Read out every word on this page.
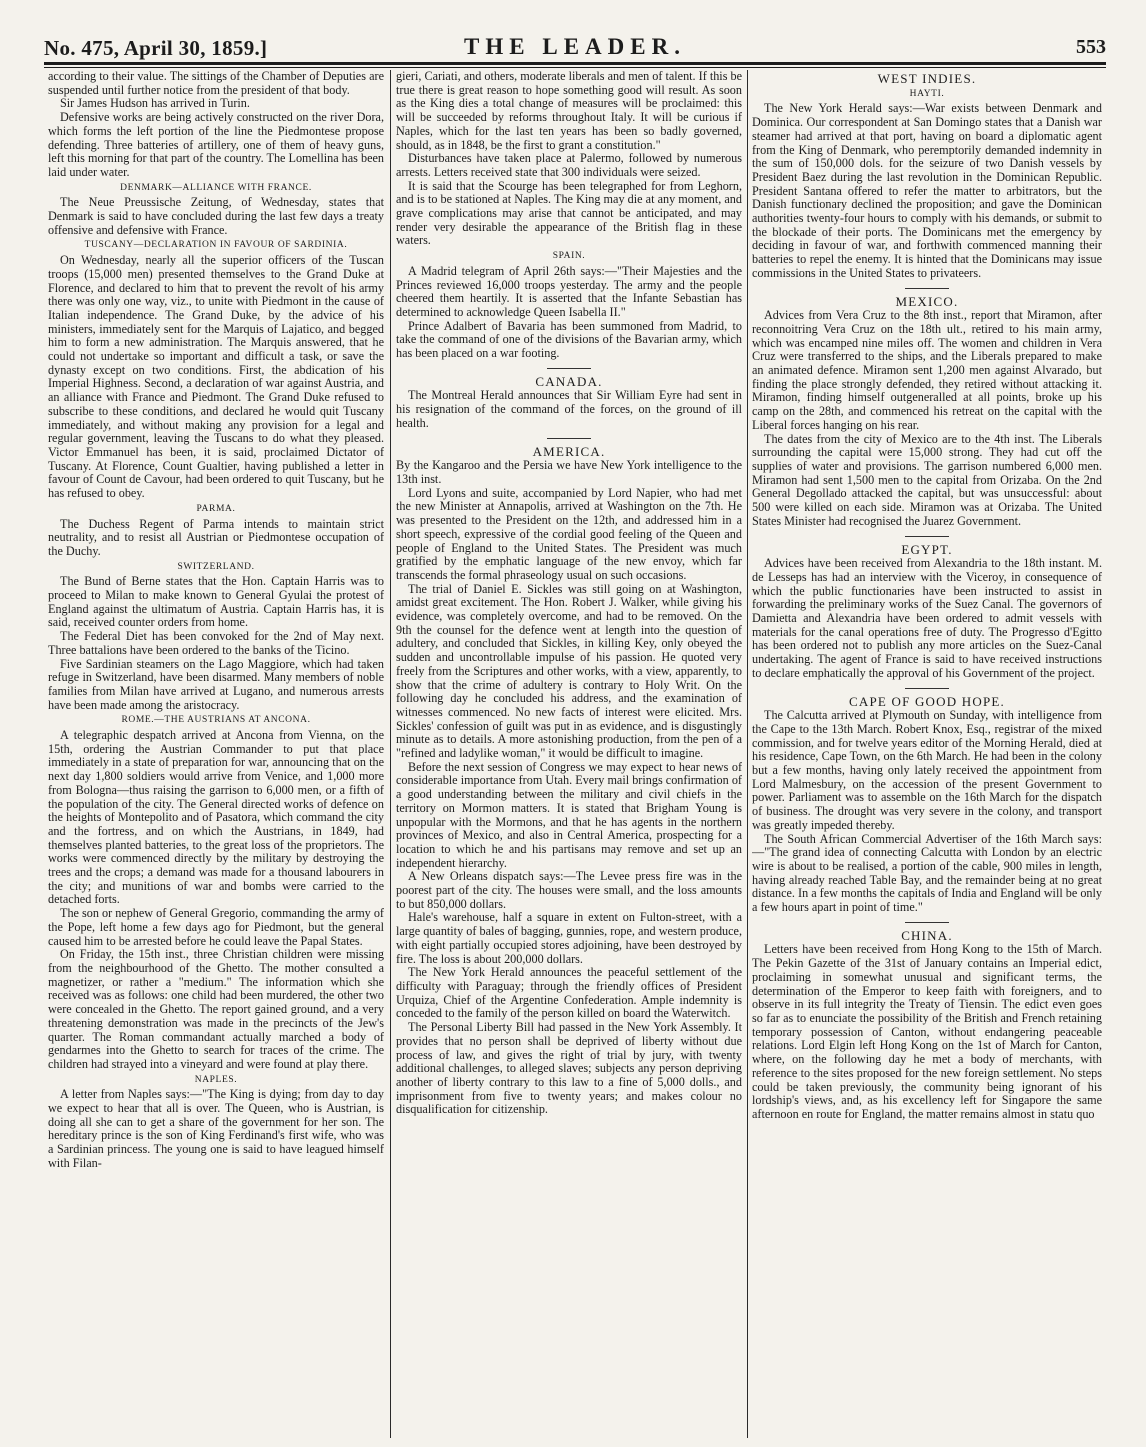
No. 475, April 30, 1859.]	THE LEADER.	553

according to their value. The sittings of the Chamber of Deputies are suspended until further notice from the president of that body.

Sir James Hudson has arrived in Turin.

Defensive works are being actively constructed on the river Dora, which forms the left portion of the line the Piedmontese propose defending. Three batteries of artillery, one of them of heavy guns, left this morning for that part of the country. The Lomellina has been laid under water.

DENMARK—ALLIANCE WITH FRANCE.

The Neue Preussische Zeitung, of Wednesday, states that Denmark is said to have concluded during the last few days a treaty offensive and defensive with France.

TUSCANY—DECLARATION IN FAVOUR OF SARDINIA.

On Wednesday, nearly all the superior officers of the Tuscan troops (15,000 men) presented themselves to the Grand Duke at Florence, and declared to him that to prevent the revolt of his army there was only one way, viz., to unite with Piedmont in the cause of Italian independence. The Grand Duke, by the advice of his ministers, immediately sent for the Marquis of Lajatico, and begged him to form a new administration. The Marquis answered, that he could not undertake so important and difficult a task, or save the dynasty except on two conditions. First, the abdication of his Imperial Highness. Second, a declaration of war against Austria, and an alliance with France and Piedmont. The Grand Duke refused to subscribe to these conditions, and declared he would quit Tuscany immediately, and without making any provision for a legal and regular government, leaving the Tuscans to do what they pleased. Victor Emmanuel has been, it is said, proclaimed Dictator of Tuscany. At Florence, Count Gualtier, having published a letter in favour of Count de Cavour, had been ordered to quit Tuscany, but he has refused to obey.

PARMA.

The Duchess Regent of Parma intends to maintain strict neutrality, and to resist all Austrian or Piedmontese occupation of the Duchy.

SWITZERLAND.

The Bund of Berne states that the Hon. Captain Harris was to proceed to Milan to make known to General Gyulai the protest of England against the ultimatum of Austria. Captain Harris has, it is said, received counter orders from home.

The Federal Diet has been convoked for the 2nd of May next. Three battalions have been ordered to the banks of the Ticino.

Five Sardinian steamers on the Lago Maggiore, which had taken refuge in Switzerland, have been disarmed. Many members of noble families from Milan have arrived at Lugano, and numerous arrests have been made among the aristocracy.

ROME.—THE AUSTRIANS AT ANCONA.

A telegraphic despatch arrived at Ancona from Vienna, on the 15th, ordering the Austrian Commander to put that place immediately in a state of preparation for war, announcing that on the next day 1,800 soldiers would arrive from Venice, and 1,000 more from Bologna—thus raising the garrison to 6,000 men, or a fifth of the population of the city. The General directed works of defence on the heights of Montepolito and of Pasatora, which command the city and the fortress, and on which the Austrians, in 1849, had themselves planted batteries, to the great loss of the proprietors. The works were commenced directly by the military by destroying the trees and the crops; a demand was made for a thousand labourers in the city; and munitions of war and bombs were carried to the detached forts.

The son or nephew of General Gregorio, commanding the army of the Pope, left home a few days ago for Piedmont, but the general caused him to be arrested before he could leave the Papal States.

On Friday, the 15th inst., three Christian children were missing from the neighbourhood of the Ghetto. The mother consulted a magnetizer, or rather a "medium." The information which she received was as follows: one child had been murdered, the other two were concealed in the Ghetto. The report gained ground, and a very threatening demonstration was made in the precincts of the Jew's quarter. The Roman commandant actually marched a body of gendarmes into the Ghetto to search for traces of the crime. The children had strayed into a vineyard and were found at play there.

NAPLES.

A letter from Naples says:—"The King is dying; from day to day we expect to hear that all is over. The Queen, who is Austrian, is doing all she can to get a share of the government for her son. The hereditary prince is the son of King Ferdinand's first wife, who was a Sardinian princess. The young one is said to have leagued himself with Filan-

gieri, Cariati, and others, moderate liberals and men of talent. If this be true there is great reason to hope something good will result. As soon as the King dies a total change of measures will be proclaimed: this will be succeeded by reforms throughout Italy. It will be curious if Naples, which for the last ten years has been so badly governed, should, as in 1848, be the first to grant a constitution."

Disturbances have taken place at Palermo, followed by numerous arrests. Letters received state that 300 individuals were seized.

It is said that the Scourge has been telegraphed for from Leghorn, and is to be stationed at Naples. The King may die at any moment, and grave complications may arise that cannot be anticipated, and may render very desirable the appearance of the British flag in these waters.

SPAIN.

A Madrid telegram of April 26th says:—"Their Majesties and the Princes reviewed 16,000 troops yesterday. The army and the people cheered them heartily. It is asserted that the Infante Sebastian has determined to acknowledge Queen Isabella II."

Prince Adalbert of Bavaria has been summoned from Madrid, to take the command of one of the divisions of the Bavarian army, which has been placed on a war footing.

CANADA.

The Montreal Herald announces that Sir William Eyre had sent in his resignation of the command of the forces, on the ground of ill health.

AMERICA.

By the Kangaroo and the Persia we have New York intelligence to the 13th inst.

Lord Lyons and suite, accompanied by Lord Napier, who had met the new Minister at Annapolis, arrived at Washington on the 7th. He was presented to the President on the 12th, and addressed him in a short speech, expressive of the cordial good feeling of the Queen and people of England to the United States. The President was much gratified by the emphatic language of the new envoy, which far transcends the formal phraseology usual on such occasions.

The trial of Daniel E. Sickles was still going on at Washington, amidst great excitement. The Hon. Robert J. Walker, while giving his evidence, was completely overcome, and had to be removed. On the 9th the counsel for the defence went at length into the question of adultery, and concluded that Sickles, in killing Key, only obeyed the sudden and uncontrollable impulse of his passion. He quoted very freely from the Scriptures and other works, with a view, apparently, to show that the crime of adultery is contrary to Holy Writ. On the following day he concluded his address, and the examination of witnesses commenced. No new facts of interest were elicited. Mrs. Sickles' confession of guilt was put in as evidence, and is disgustingly minute as to details. A more astonishing production, from the pen of a "refined and ladylike woman," it would be difficult to imagine.

Before the next session of Congress we may expect to hear news of considerable importance from Utah. Every mail brings confirmation of a good understanding between the military and civil chiefs in the territory on Mormon matters. It is stated that Brigham Young is unpopular with the Mormons, and that he has agents in the northern provinces of Mexico, and also in Central America, prospecting for a location to which he and his partisans may remove and set up an independent hierarchy.

A New Orleans dispatch says:—The Levee press fire was in the poorest part of the city. The houses were small, and the loss amounts to but 850,000 dollars.

Hale's warehouse, half a square in extent on Fulton-street, with a large quantity of bales of bagging, gunnies, rope, and western produce, with eight partially occupied stores adjoining, have been destroyed by fire. The loss is about 200,000 dollars.

The New York Herald announces the peaceful settlement of the difficulty with Paraguay; through the friendly offices of President Urquiza, Chief of the Argentine Confederation. Ample indemnity is conceded to the family of the person killed on board the Waterwitch.

The Personal Liberty Bill had passed in the New York Assembly. It provides that no person shall be deprived of liberty without due process of law, and gives the right of trial by jury, with twenty additional challenges, to alleged slaves; subjects any person depriving another of liberty contrary to this law to a fine of 5,000 dolls., and imprisonment from five to twenty years; and makes colour no disqualification for citizenship.

WEST INDIES.
HAYTI.

The New York Herald says:—War exists between Denmark and Dominica. Our correspondent at San Domingo states that a Danish war steamer had arrived at that port, having on board a diplomatic agent from the King of Denmark, who peremptorily demanded indemnity in the sum of 150,000 dols. for the seizure of two Danish vessels by President Baez during the last revolution in the Dominican Republic. President Santana offered to refer the matter to arbitrators, but the Danish functionary declined the proposition; and gave the Dominican authorities twenty-four hours to comply with his demands, or submit to the blockade of their ports. The Dominicans met the emergency by deciding in favour of war, and forthwith commenced manning their batteries to repel the enemy. It is hinted that the Dominicans may issue commissions in the United States to privateers.

MEXICO.

Advices from Vera Cruz to the 8th inst., report that Miramon, after reconnoitring Vera Cruz on the 18th ult., retired to his main army, which was encamped nine miles off. The women and children in Vera Cruz were transferred to the ships, and the Liberals prepared to make an animated defence. Miramon sent 1,200 men against Alvarado, but finding the place strongly defended, they retired without attacking it. Miramon, finding himself outgeneralled at all points, broke up his camp on the 28th, and commenced his retreat on the capital with the Liberal forces hanging on his rear.

The dates from the city of Mexico are to the 4th inst. The Liberals surrounding the capital were 15,000 strong. They had cut off the supplies of water and provisions. The garrison numbered 6,000 men. Miramon had sent 1,500 men to the capital from Orizaba. On the 2nd General Degollado attacked the capital, but was unsuccessful: about 500 were killed on each side. Miramon was at Orizaba. The United States Minister had recognised the Juarez Government.

EGYPT.

Advices have been received from Alexandria to the 18th instant. M. de Lesseps has had an interview with the Viceroy, in consequence of which the public functionaries have been instructed to assist in forwarding the preliminary works of the Suez Canal. The governors of Damietta and Alexandria have been ordered to admit vessels with materials for the canal operations free of duty. The Progresso d'Egitto has been ordered not to publish any more articles on the Suez-Canal undertaking. The agent of France is said to have received instructions to declare emphatically the approval of his Government of the project.

CAPE OF GOOD HOPE.

The Calcutta arrived at Plymouth on Sunday, with intelligence from the Cape to the 13th March. Robert Knox, Esq., registrar of the mixed commission, and for twelve years editor of the Morning Herald, died at his residence, Cape Town, on the 6th March. He had been in the colony but a few months, having only lately received the appointment from Lord Malmesbury, on the accession of the present Government to power. Parliament was to assemble on the 16th March for the dispatch of business. The drought was very severe in the colony, and transport was greatly impeded thereby.

The South African Commercial Advertiser of the 16th March says:—"The grand idea of connecting Calcutta with London by an electric wire is about to be realised, a portion of the cable, 900 miles in length, having already reached Table Bay, and the remainder being at no great distance. In a few months the capitals of India and England will be only a few hours apart in point of time."

CHINA.

Letters have been received from Hong Kong to the 15th of March. The Pekin Gazette of the 31st of January contains an Imperial edict, proclaiming in somewhat unusual and significant terms, the determination of the Emperor to keep faith with foreigners, and to observe in its full integrity the Treaty of Tiensin. The edict even goes so far as to enunciate the possibility of the British and French retaining temporary possession of Canton, without endangering peaceable relations. Lord Elgin left Hong Kong on the 1st of March for Canton, where, on the following day he met a body of merchants, with reference to the sites proposed for the new foreign settlement. No steps could be taken previously, the community being ignorant of his lordship's views, and, as his excellency left for Singapore the same afternoon en route for England, the matter remains almost in statu quo
